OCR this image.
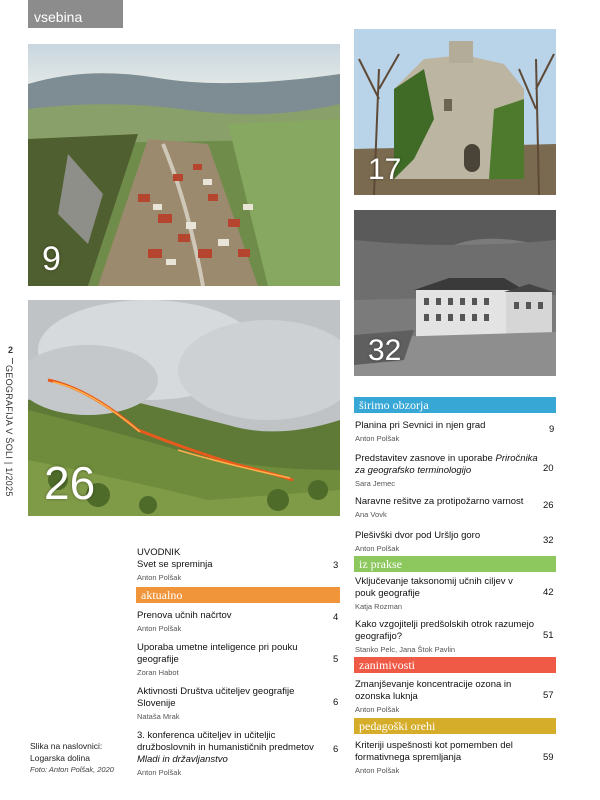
vsebina
2
GEOGRAFIJA V ŠOLI | 1/2025
9
17
32
26
UVODNIK
Svet se spreminja
Anton Polšak
3
aktualno
Prenova učnih načrtov
Anton Polšak
4
Uporaba umetne inteligence pri pouku geografije
Zoran Habot
5
Aktivnosti Društva učiteljev geografije Slovenije
Nataša Mrak
6
3. konferenca učiteljev in učiteljic družboslovnih in humanističnih predmetov
Mladi in državljanstvo
Anton Polšak
6
širimo obzorja
Planina pri Sevnici in njen grad
Anton Polšak
9
Predstavitev zasnove in uporabe Priročnika za geografsko terminologijo
Sara Jemec
20
Naravne rešitve za protipožarno varnost
Ana Vovk
26
Plešivški dvor pod Uršljo goro
Anton Polšak
32
iz prakse
Vključevanje taksonomij učnih ciljev v pouk geografije
Katja Rozman
42
Kako vzgojitelji predšolskih otrok razumejo geografijo?
Stanko Pelc, Jana Štok Pavlin
51
zanimivosti
Zmanjševanje koncentracije ozona in ozonska luknja
Anton Polšak
57
pedagoški orehi
Kriteriji uspešnosti kot pomemben del formativnega spremljanja
Anton Polšak
59
Slika na naslovnici:
Logarska dolina
Foto: Anton Polšak, 2020
